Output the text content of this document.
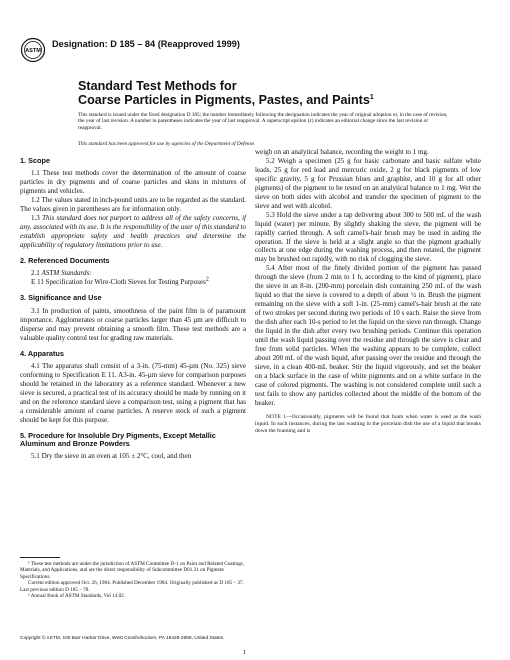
ASTM
Designation: D 185 – 84 (Reapproved 1999)
Standard Test Methods for
Coarse Particles in Pigments, Pastes, and Paints$^1$
This standard is issued under the fixed designation D 185; the number immediately following the designation indicates the year of original adoption or, in the case of revision, the year of last revision. A number in parentheses indicates the year of last reapproval. A superscript epsilon (ε) indicates an editorial change since the last revision or reapproval.
This standard has been approved for use by agencies of the Department of Defense.
1. Scope
1.1 These test methods cover the determination of the amount of coarse particles in dry pigments and of coarse particles and skins in mixtures of pigments and vehicles.
1.2 The values stated in inch-pound units are to be regarded as the standard. The values given in parentheses are for information only.
1.3 This standard does not purport to address all of the safety concerns, if any, associated with its use. It is the responsibility of the user of this standard to establish appropriate safety and health practices and determine the applicability of regulatory limitations prior to use.
2. Referenced Documents
2.1 ASTM Standards:
E 11 Specification for Wire-Cloth Sieves for Testing Purposes$^2$
3. Significance and Use
3.1 In production of paints, smoothness of the paint film is of paramount importance. Agglomerates or coarse particles larger than 45 µm are difficult to disperse and may prevent obtaining a smooth film. These test methods are a valuable quality control test for grading raw materials.
4. Apparatus
4.1 The apparatus shall consist of a 3-in. (75-mm) 45-µm (No. 325) sieve conforming to Specification E 11. A3-in. 45-µm sieve for comparison purposes should be retained in the laboratory as a reference standard. Whenever a new sieve is secured, a practical test of its accuracy should be made by running on it and on the reference standard sieve a comparison test, using a pigment that has a considerable amount of coarse particles. A reserve stock of such a pigment should be kept for this purpose.
5. Procedure for Insoluble Dry Pigments, Except Metallic Aluminum and Bronze Powders
5.1 Dry the sieve in an oven at 105 ± 2°C, cool, and then
weigh on an analytical balance, recording the weight to 1 mg.
5.2 Weigh a specimen (25 g for basic carbonate and basic sulfate white leads, 25 g for red lead and mercuric oxide, 2 g for black pigments of low specific gravity, 5 g for Prussian blues and graphite, and 10 g for all other pigments) of the pigment to be tested on an analytical balance to 1 mg. Wet the sieve on both sides with alcohol and transfer the specimen of pigment to the sieve and wet with alcohol.
5.3 Hold the sieve under a tap delivering about 300 to 500 mL of the wash liquid (water) per minute. By slightly shaking the sieve, the pigment will be rapidly carried through. A soft camel's-hair brush may be used in aiding the operation. If the sieve is held at a slight angle so that the pigment gradually collects at one edge during the washing process, and then rotated, the pigment may be brushed out rapidly, with no risk of clogging the sieve.
5.4 After most of the finely divided portion of the pigment has passed through the sieve (from 2 min to 1 h, according to the kind of pigment), place the sieve in an 8-in. (200-mm) porcelain dish containing 250 mL of the wash liquid so that the sieve is covered to a depth of about ½ in. Brush the pigment remaining on the sieve with a soft 1-in. (25-mm) camel's-hair brush at the rate of two strokes per second during two periods of 10 s each. Raise the sieve from the dish after each 10-s period to let the liquid on the sieve run through. Change the liquid in the dish after every two brushing periods. Continue this operation until the wash liquid passing over the residue and through the sieve is clear and free from solid particles. When the washing appears to be complete, collect about 200 mL of the wash liquid, after passing over the residue and through the sieve, in a clean 400-mL beaker. Stir the liquid vigorously, and set the beaker on a black surface in the case of white pigments and on a white surface in the case of colored pigments. The washing is not considered complete until such a test fails to show any particles collected about the middle of the bottom of the beaker.
NOTE 1—Occasionally, pigments will be found that foam when water is used as the wash liquid. In such instances, during the last washing in the porcelain dish the use of a liquid that breaks down the foaming and is
¹ These test methods are under the jurisdiction of ASTM Committee D-1 on Paint and Related Coatings, Materials, and Applications, and are the direct responsibility of Subcommittee D01.31 on Pigment Specifications.
Current edition approved Oct. 26, 1984. Published December 1984. Originally published as D 185 – 37. Last previous edition D 185 – 78.
² Annual Book of ASTM Standards, Vol 14.02.
Copyright © ASTM, 100 Barr Harbor Drive, West Conshohocken, PA 19428-2959, United States.
1
